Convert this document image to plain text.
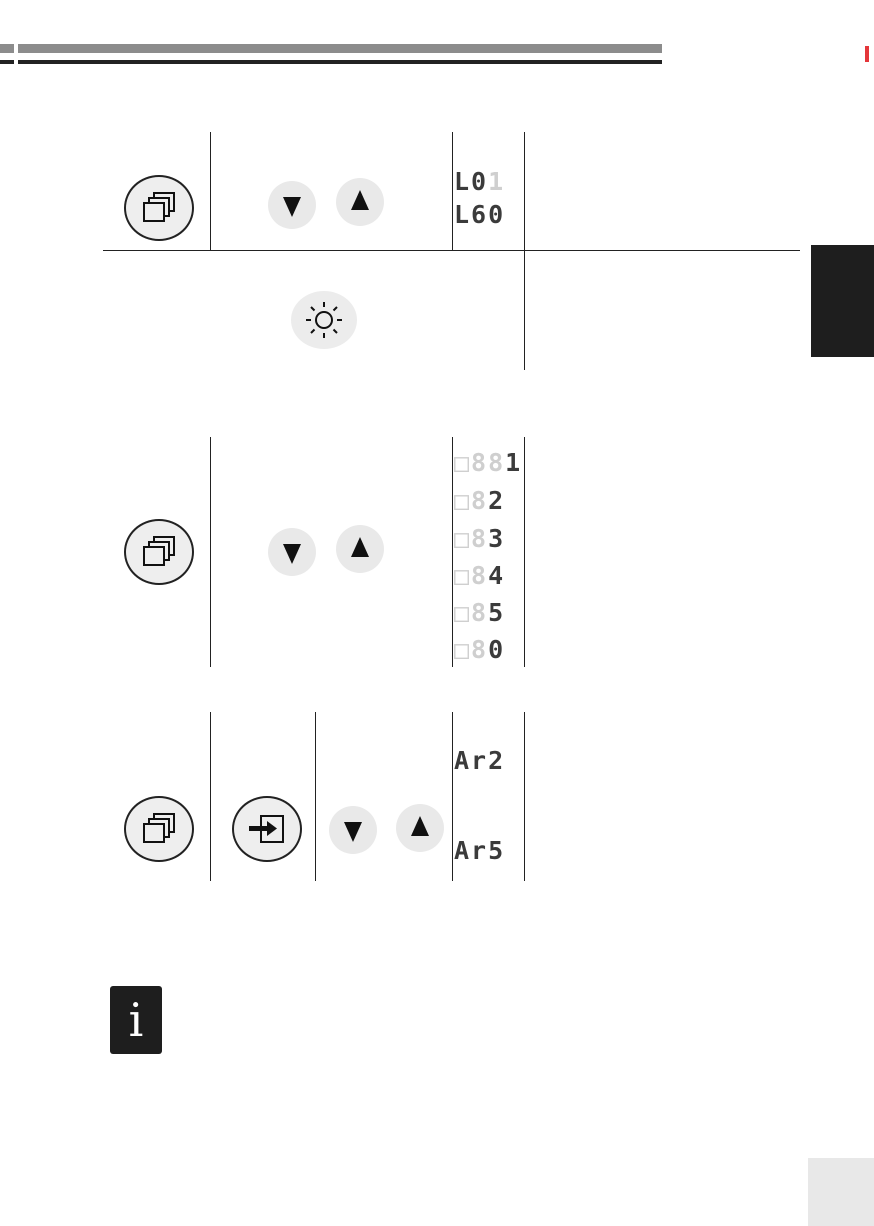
L01
L60
□881
□82
□83
□84
□85
□80
Ar2
Ar5
i
